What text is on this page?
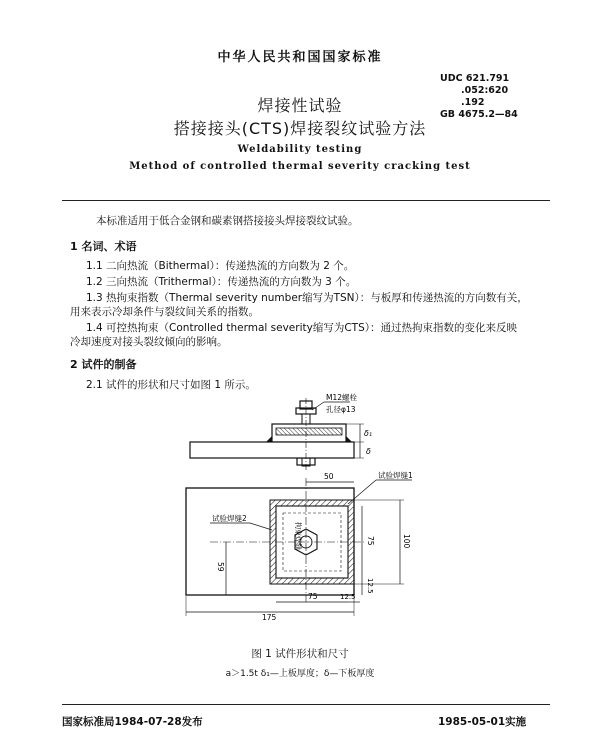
中华人民共和国国家标准
UDC 621.791
.052:620
.192
GB 4675.2—84
焊接性试验
搭接接头(CTS)焊接裂纹试验方法
Weldability testing
Method of controlled thermal severity cracking test
本标准适用于低合金钢和碳素钢搭接接头焊接裂纹试验。
1 名词、术语
1.1 二向热流（Bithermal）：传递热流的方向数为 2 个。
1.2 三向热流（Trithermal）：传递热流的方向数为 3 个。
1.3 热拘束指数（Thermal severity number缩写为TSN）：与板厚和传递热流的方向数有关，
用来表示冷却条件与裂纹间关系的指数。
1.4 可控热拘束（Controlled thermal severity缩写为CTS）：通过热拘束指数的变化来反映
冷却速度对接头裂纹倾向的影响。
2 试件的制备
2.1 试件的形状和尺寸如图 1 所示。
M12螺栓
孔径φ13
δ₁
δ
拘束焊缝
试验焊缝1
试验焊缝2
50
75	100
12.5
59
75	12.5
175
图 1 试件形状和尺寸
a＞1.5t δ₁—上板厚度；δ—下板厚度
国家标准局1984-07-28发布	1985-05-01实施
